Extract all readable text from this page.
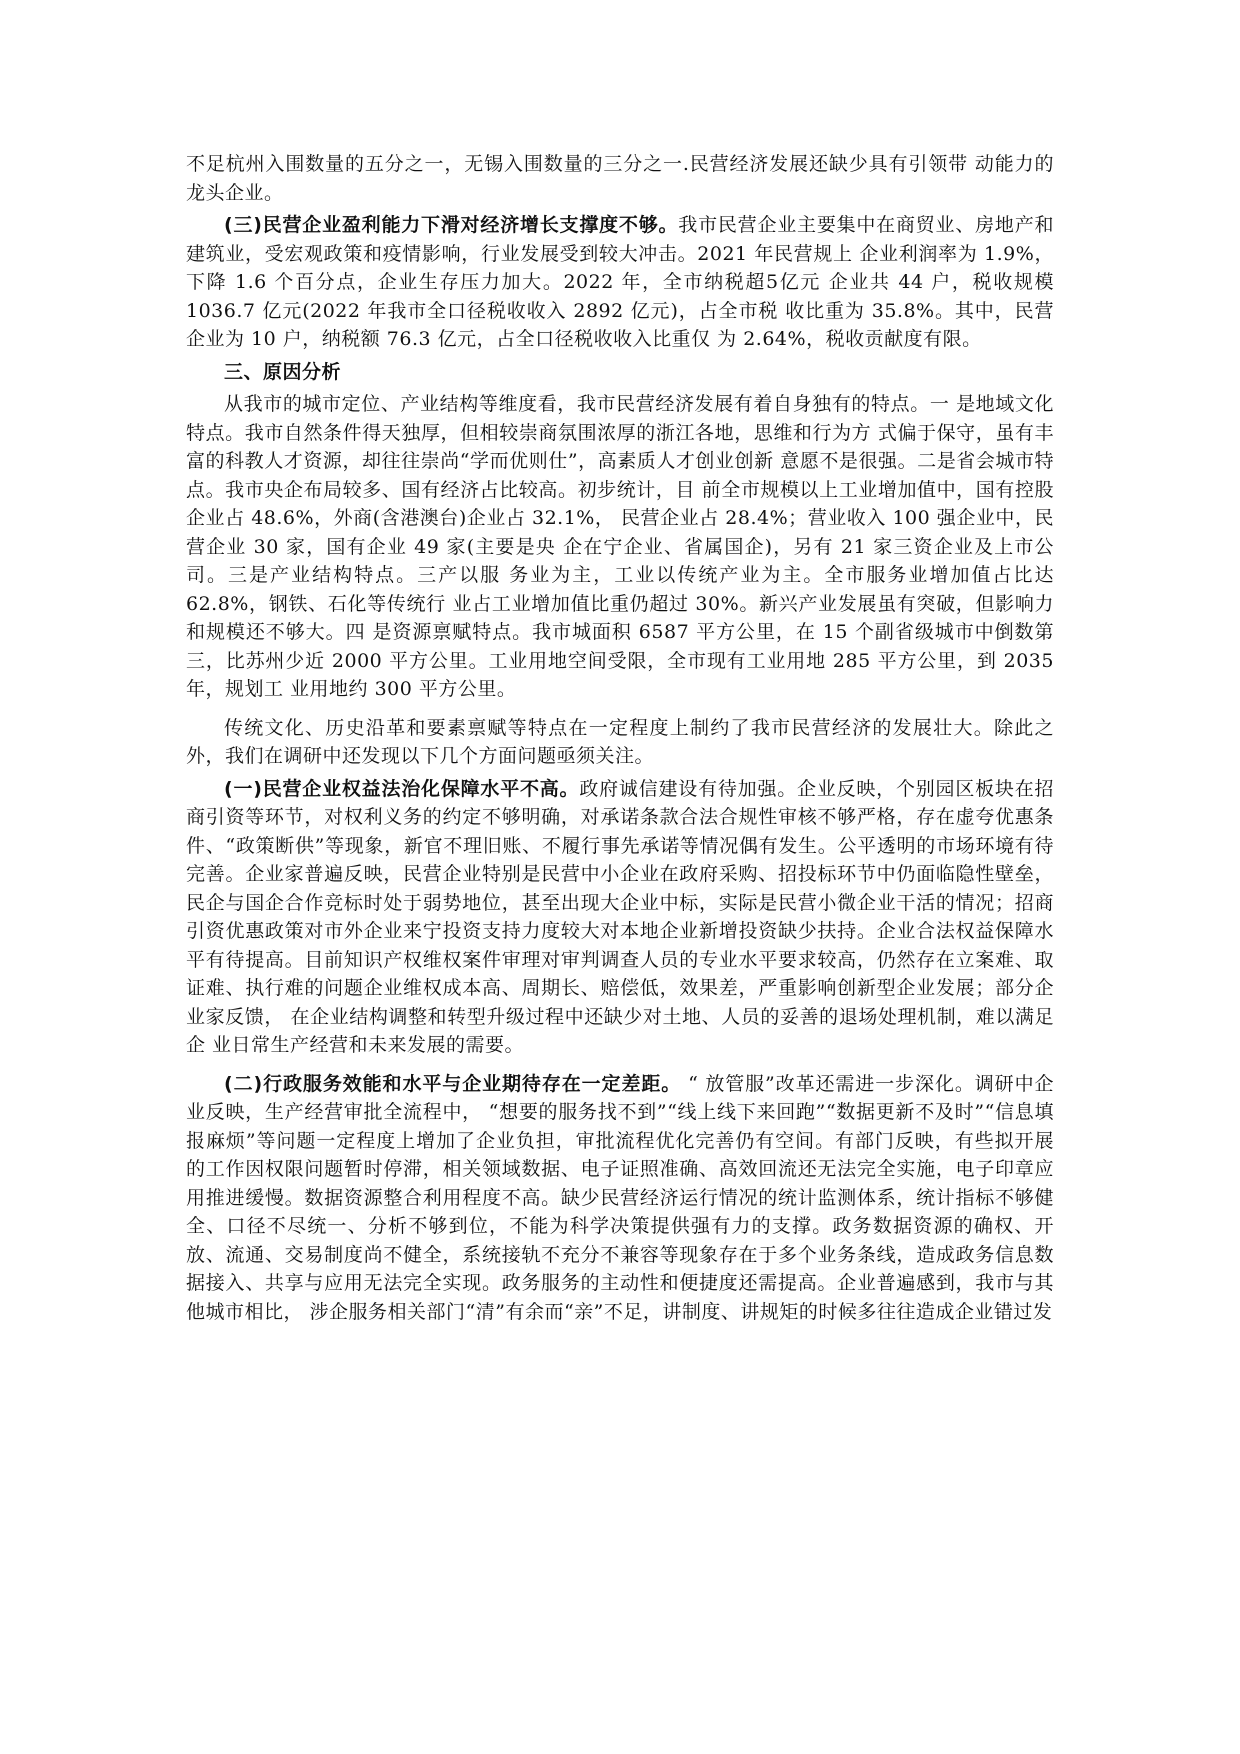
不足杭州入围数量的五分之一，无锡入围数量的三分之一.民营经济发展还缺少具有引领带 动能力的龙头企业。

(三)民营企业盈利能力下滑对经济增长支撑度不够。我市民营企业主要集中在商贸业、房地产和建筑业，受宏观政策和疫情影响，行业发展受到较大冲击。2021 年民营规上 企业利润率为 1.9%，下降 1.6 个百分点，企业生存压力加大。2022 年，全市纳税超5亿元 企业共 44 户，税收规模 1036.7 亿元(2022 年我市全口径税收收入 2892 亿元)，占全市税 收比重为 35.8%。其中，民营企业为 10 户，纳税额 76.3 亿元，占全口径税收收入比重仅 为 2.64%，税收贡献度有限。

三、原因分析

从我市的城市定位、产业结构等维度看，我市民营经济发展有着自身独有的特点。一 是地域文化特点。我市自然条件得天独厚，但相较崇商氛围浓厚的浙江各地，思维和行为方 式偏于保守，虽有丰富的科教人才资源，却往往崇尚“学而优则仕”，高素质人才创业创新 意愿不是很强。二是省会城市特点。我市央企布局较多、国有经济占比较高。初步统计，目 前全市规模以上工业增加值中，国有控股企业占 48.6%，外商(含港澳台)企业占 32.1%， 民营企业占 28.4%；营业收入 100 强企业中，民营企业 30 家，国有企业 49 家(主要是央 企在宁企业、省属国企)，另有 21 家三资企业及上市公司。三是产业结构特点。三产以服 务业为主，工业以传统产业为主。全市服务业增加值占比达 62.8%，钢铁、石化等传统行 业占工业增加值比重仍超过 30%。新兴产业发展虽有突破，但影响力和规模还不够大。四 是资源禀赋特点。我市城面积 6587 平方公里，在 15 个副省级城市中倒数第三，比苏州少近 2000 平方公里。工业用地空间受限，全市现有工业用地 285 平方公里，到 2035 年，规划工 业用地约 300 平方公里。

传统文化、历史沿革和要素禀赋等特点在一定程度上制约了我市民营经济的发展壮大。除此之外，我们在调研中还发现以下几个方面问题亟须关注。

(一)民营企业权益法治化保障水平不高。政府诚信建设有待加强。企业反映，个别园区板块在招商引资等环节，对权利义务的约定不够明确，对承诺条款合法合规性审核不够严格，存在虚夸优惠条件、“政策断供”等现象，新官不理旧账、不履行事先承诺等情况偶有发生。公平透明的市场环境有待完善。企业家普遍反映，民营企业特别是民营中小企业在政府采购、招投标环节中仍面临隐性壁垒，民企与国企合作竞标时处于弱势地位，甚至出现大企业中标，实际是民营小微企业干活的情况；招商引资优惠政策对市外企业来宁投资支持力度较大对本地企业新增投资缺少扶持。企业合法权益保障水平有待提高。目前知识产权维权案件审理对审判调查人员的专业水平要求较高，仍然存在立案难、取证难、执行难的问题企业维权成本高、周期长、赔偿低，效果差，严重影响创新型企业发展；部分企业家反馈， 在企业结构调整和转型升级过程中还缺少对土地、人员的妥善的退场处理机制，难以满足企 业日常生产经营和未来发展的需要。

(二)行政服务效能和水平与企业期待存在一定差距。 “ 放管服”改革还需进一步深化。调研中企业反映，生产经营审批全流程中， “想要的服务找不到”“线上线下来回跑”“数据更新不及时”“信息填报麻烦”等问题一定程度上增加了企业负担，审批流程优化完善仍有空间。有部门反映，有些拟开展的工作因权限问题暂时停滞，相关领域数据、电子证照准确、高效回流还无法完全实施，电子印章应用推进缓慢。数据资源整合利用程度不高。缺少民营经济运行情况的统计监测体系，统计指标不够健全、口径不尽统一、分析不够到位，不能为科学决策提供强有力的支撑。政务数据资源的确权、开放、流通、交易制度尚不健全，系统接轨不充分不兼容等现象存在于多个业务条线，造成政务信息数据接入、共享与应用无法完全实现。政务服务的主动性和便捷度还需提高。企业普遍感到，我市与其他城市相比， 涉企服务相关部门“清”有余而“亲”不足，讲制度、讲规矩的时候多往往造成企业错过发
